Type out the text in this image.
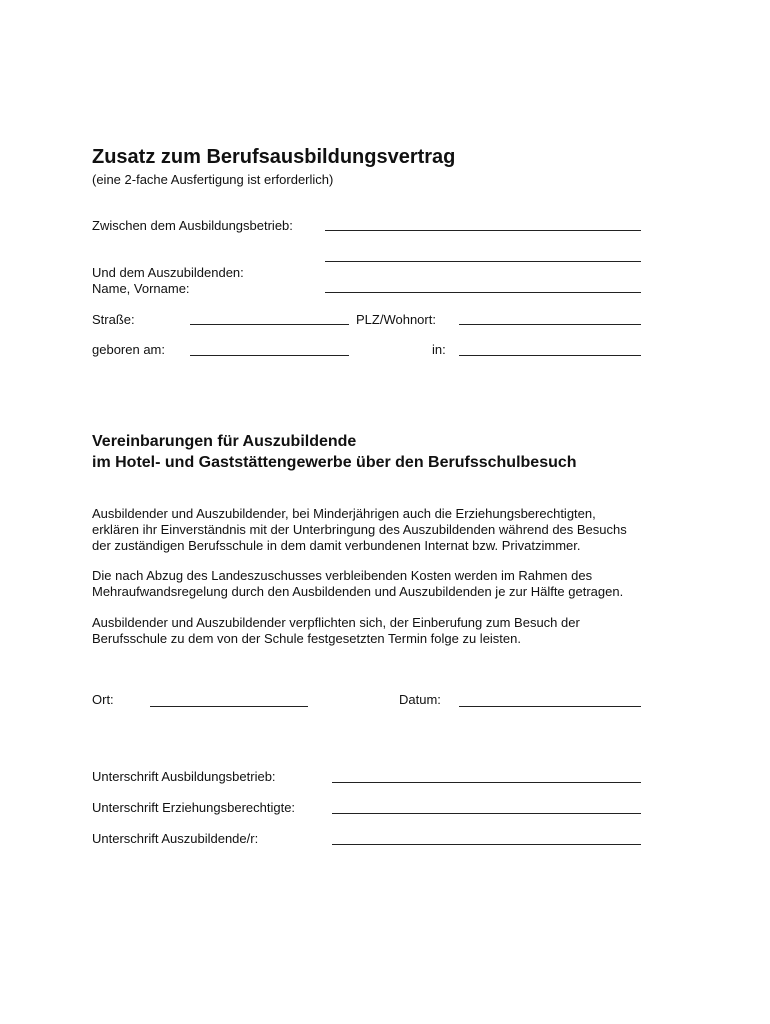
Zusatz zum Berufsausbildungsvertrag
(eine 2-fache Ausfertigung ist erforderlich)
Zwischen dem Ausbildungsbetrieb:
Und dem Auszubildenden:
Name, Vorname:
Straße:	PLZ/Wohnort:
geboren am:	in:
Vereinbarungen für Auszubildende
im Hotel- und Gaststättengewerbe über den Berufsschulbesuch
Ausbildender und Auszubildender, bei Minderjährigen auch die Erziehungsberechtigten,
erklären ihr Einverständnis mit der Unterbringung des Auszubildenden während des Besuchs
der zuständigen Berufsschule in dem damit verbundenen Internat bzw. Privatzimmer.
Die nach Abzug des Landeszuschusses verbleibenden Kosten werden im Rahmen des
Mehraufwandsregelung durch den Ausbildenden und Auszubildenden je zur Hälfte getragen.
Ausbildender und Auszubildender verpflichten sich, der Einberufung zum Besuch der
Berufsschule zu dem von der Schule festgesetzten Termin folge zu leisten.
Ort:	Datum:
Unterschrift Ausbildungsbetrieb:
Unterschrift Erziehungsberechtigte:
Unterschrift Auszubildende/r:
